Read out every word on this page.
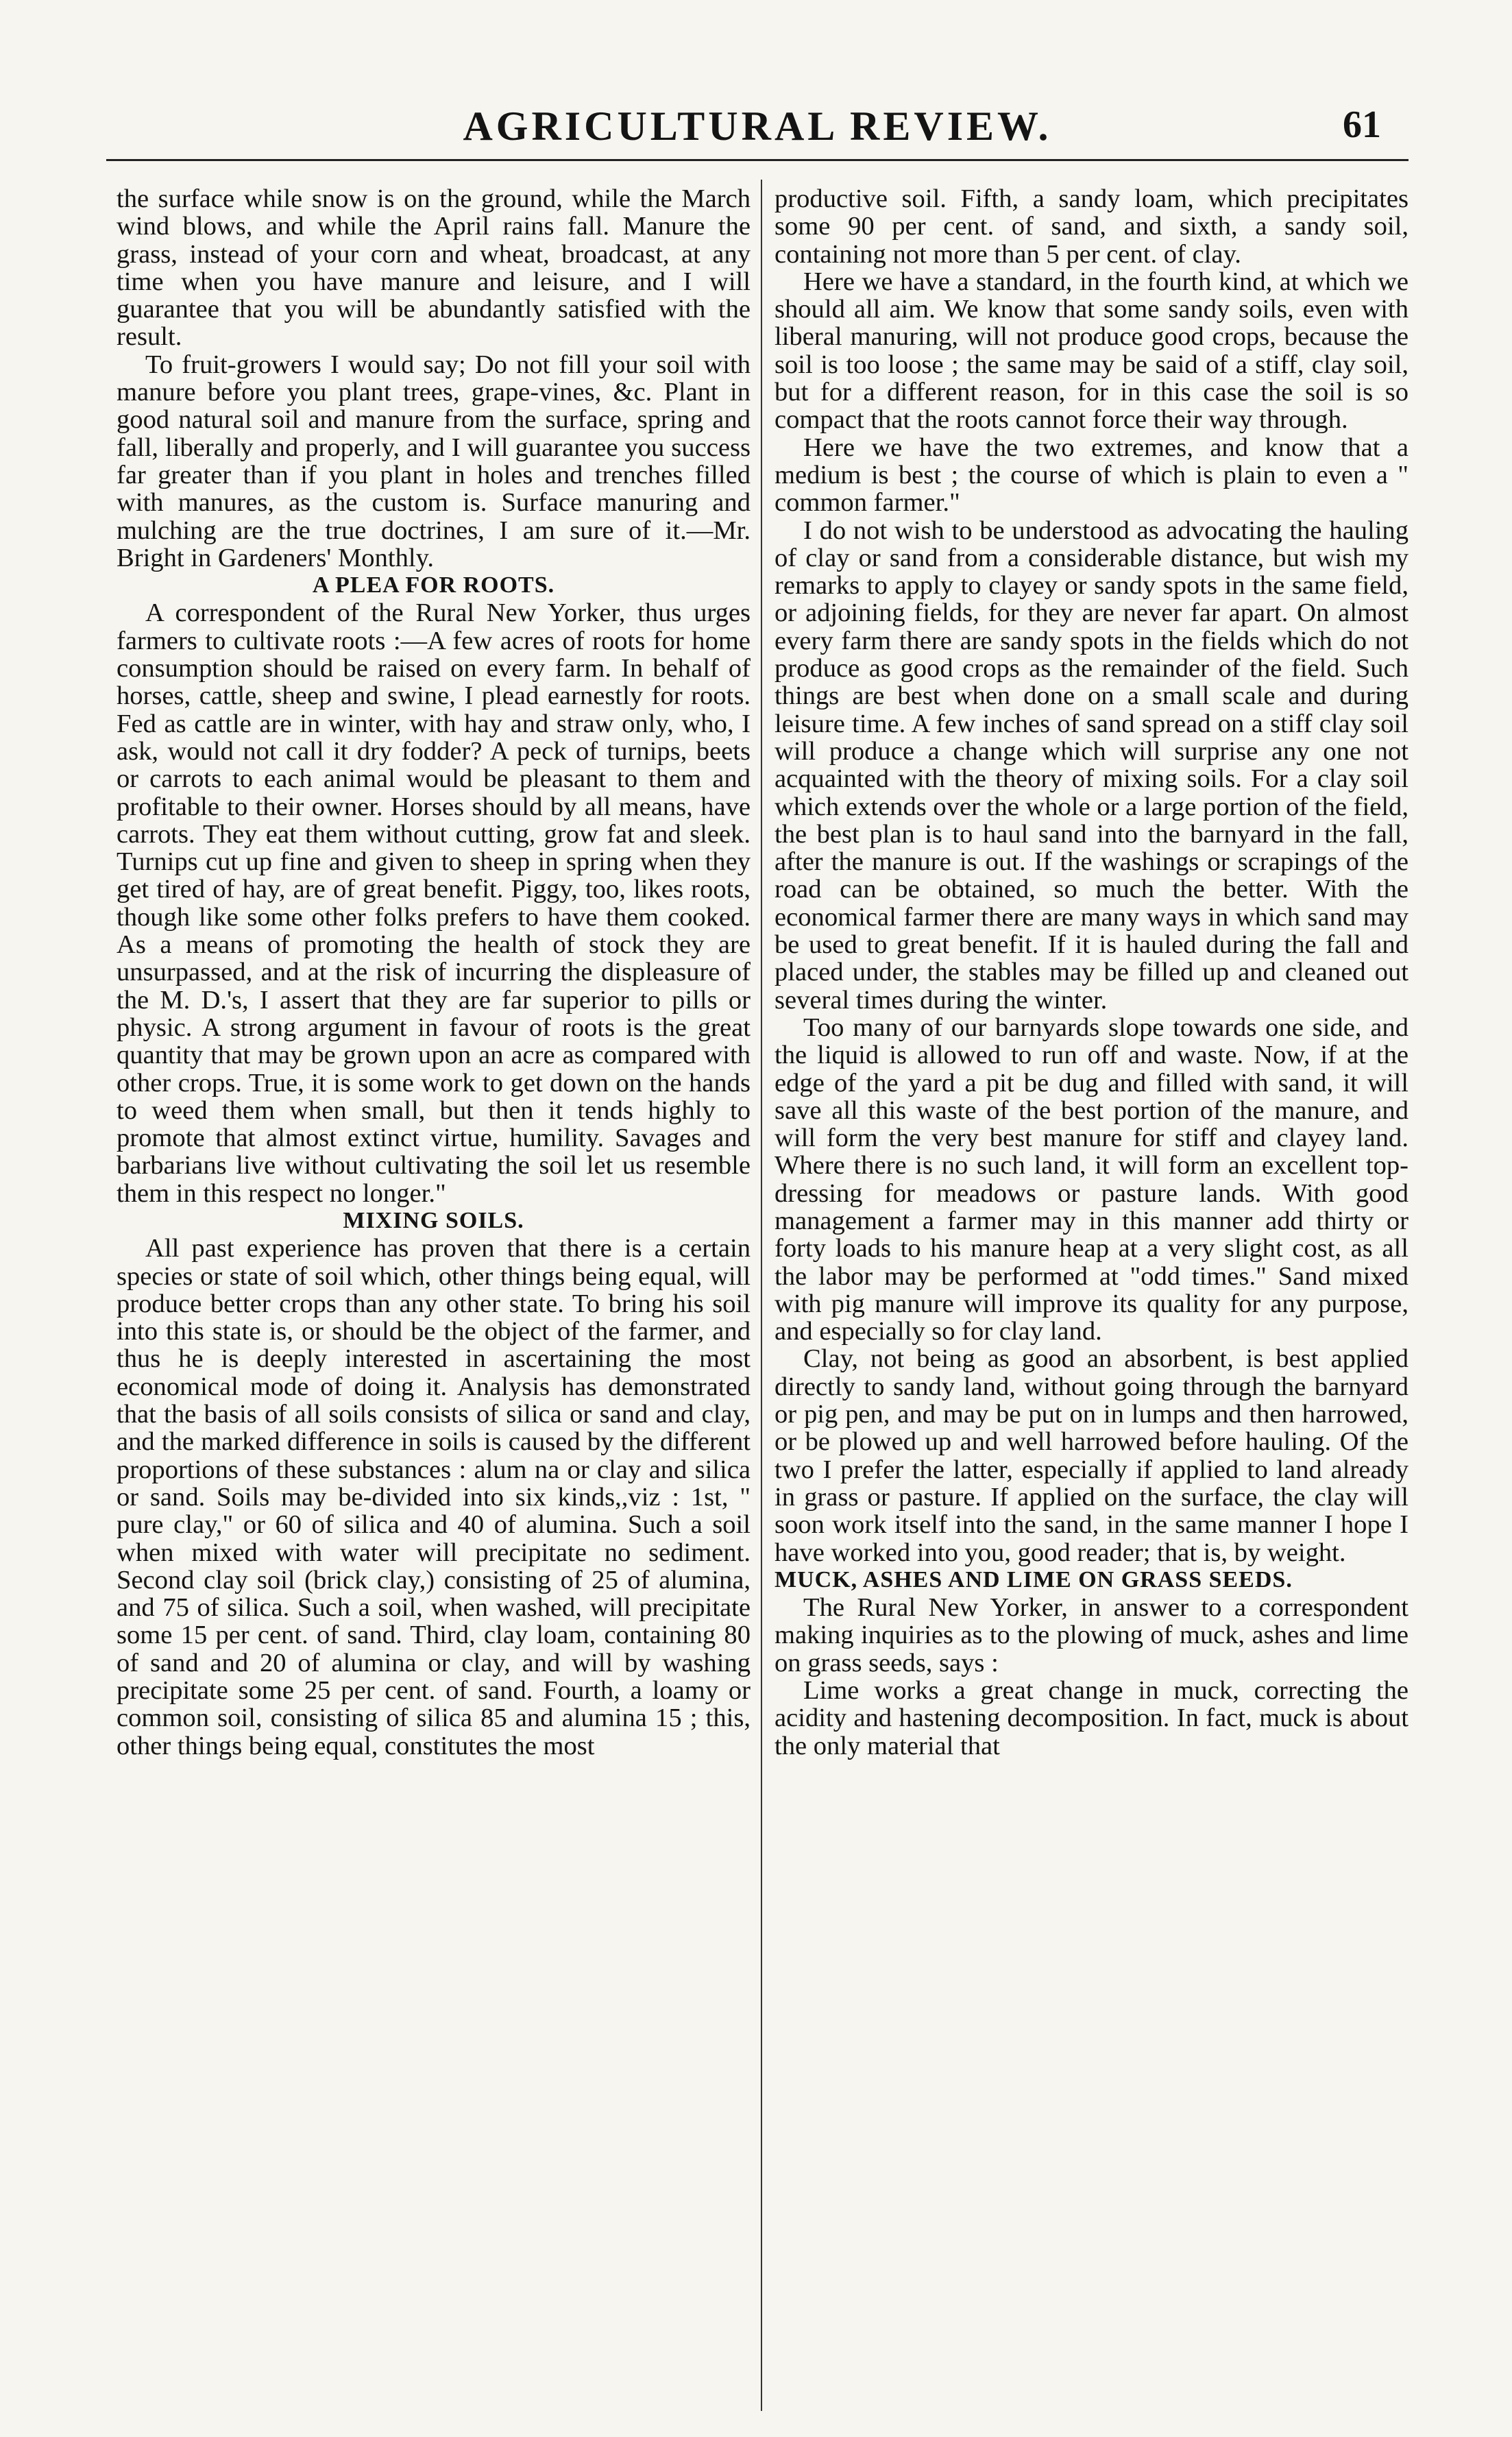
AGRICULTURAL REVIEW.	61

the surface while snow is on the ground, while the March wind blows, and while the April rains fall. Manure the grass, instead of your corn and wheat, broadcast, at any time when you have manure and leisure, and I will guarantee that you will be abundantly satisfied with the result.

To fruit-growers I would say; Do not fill your soil with manure before you plant trees, grape-vines, &c. Plant in good natural soil and manure from the surface, spring and fall, liberally and properly, and I will guarantee you success far greater than if you plant in holes and trenches filled with manures, as the custom is. Surface manuring and mulching are the true doctrines, I am sure of it.—Mr. Bright in Gardeners' Monthly.

A PLEA FOR ROOTS.

A correspondent of the Rural New Yorker, thus urges farmers to cultivate roots :—A few acres of roots for home consumption should be raised on every farm. In behalf of horses, cattle, sheep and swine, I plead earnestly for roots. Fed as cattle are in winter, with hay and straw only, who, I ask, would not call it dry fodder? A peck of turnips, beets or carrots to each animal would be pleasant to them and profitable to their owner. Horses should by all means, have carrots. They eat them without cutting, grow fat and sleek. Turnips cut up fine and given to sheep in spring when they get tired of hay, are of great benefit. Piggy, too, likes roots, though like some other folks prefers to have them cooked. As a means of promoting the health of stock they are unsurpassed, and at the risk of incurring the displeasure of the M. D.'s, I assert that they are far superior to pills or physic. A strong argument in favour of roots is the great quantity that may be grown upon an acre as compared with other crops. True, it is some work to get down on the hands to weed them when small, but then it tends highly to promote that almost extinct virtue, humility. Savages and barbarians live without cultivating the soil let us resemble them in this respect no longer."

MIXING SOILS.

All past experience has proven that there is a certain species or state of soil which, other things being equal, will produce better crops than any other state. To bring his soil into this state is, or should be the object of the farmer, and thus he is deeply interested in ascertaining the most economical mode of doing it. Analysis has demonstrated that the basis of all soils consists of silica or sand and clay, and the marked difference in soils is caused by the different proportions of these substances : alum na or clay and silica or sand. Soils may be-divided into six kinds,,viz : 1st, " pure clay," or 60 of silica and 40 of alumina. Such a soil when mixed with water will precipitate no sediment. Second clay soil (brick clay,) consisting of 25 of alumina, and 75 of silica. Such a soil, when washed, will precipitate some 15 per cent. of sand. Third, clay loam, containing 80 of sand and 20 of alumina or clay, and will by washing precipitate some 25 per cent. of sand. Fourth, a loamy or common soil, consisting of silica 85 and alumina 15 ; this, other things being equal, constitutes the most

productive soil. Fifth, a sandy loam, which precipitates some 90 per cent. of sand, and sixth, a sandy soil, containing not more than 5 per cent. of clay.

Here we have a standard, in the fourth kind, at which we should all aim. We know that some sandy soils, even with liberal manuring, will not produce good crops, because the soil is too loose ; the same may be said of a stiff, clay soil, but for a different reason, for in this case the soil is so compact that the roots cannot force their way through.

Here we have the two extremes, and know that a medium is best ; the course of which is plain to even a " common farmer."

I do not wish to be understood as advocating the hauling of clay or sand from a considerable distance, but wish my remarks to apply to clayey or sandy spots in the same field, or adjoining fields, for they are never far apart. On almost every farm there are sandy spots in the fields which do not produce as good crops as the remainder of the field. Such things are best when done on a small scale and during leisure time. A few inches of sand spread on a stiff clay soil will produce a change which will surprise any one not acquainted with the theory of mixing soils. For a clay soil which extends over the whole or a large portion of the field, the best plan is to haul sand into the barnyard in the fall, after the manure is out. If the washings or scrapings of the road can be obtained, so much the better. With the economical farmer there are many ways in which sand may be used to great benefit. If it is hauled during the fall and placed under, the stables may be filled up and cleaned out several times during the winter.

Too many of our barnyards slope towards one side, and the liquid is allowed to run off and waste. Now, if at the edge of the yard a pit be dug and filled with sand, it will save all this waste of the best portion of the manure, and will form the very best manure for stiff and clayey land. Where there is no such land, it will form an excellent top-dressing for meadows or pasture lands. With good management a farmer may in this manner add thirty or forty loads to his manure heap at a very slight cost, as all the labor may be performed at "odd times." Sand mixed with pig manure will improve its quality for any purpose, and especially so for clay land.

Clay, not being as good an absorbent, is best applied directly to sandy land, without going through the barnyard or pig pen, and may be put on in lumps and then harrowed, or be plowed up and well harrowed before hauling. Of the two I prefer the latter, especially if applied to land already in grass or pasture. If applied on the surface, the clay will soon work itself into the sand, in the same manner I hope I have worked into you, good reader; that is, by weight.

MUCK, ASHES AND LIME ON GRASS SEEDS.

The Rural New Yorker, in answer to a correspondent making inquiries as to the plowing of muck, ashes and lime on grass seeds, says :

Lime works a great change in muck, correcting the acidity and hastening decomposition. In fact, muck is about the only material that
